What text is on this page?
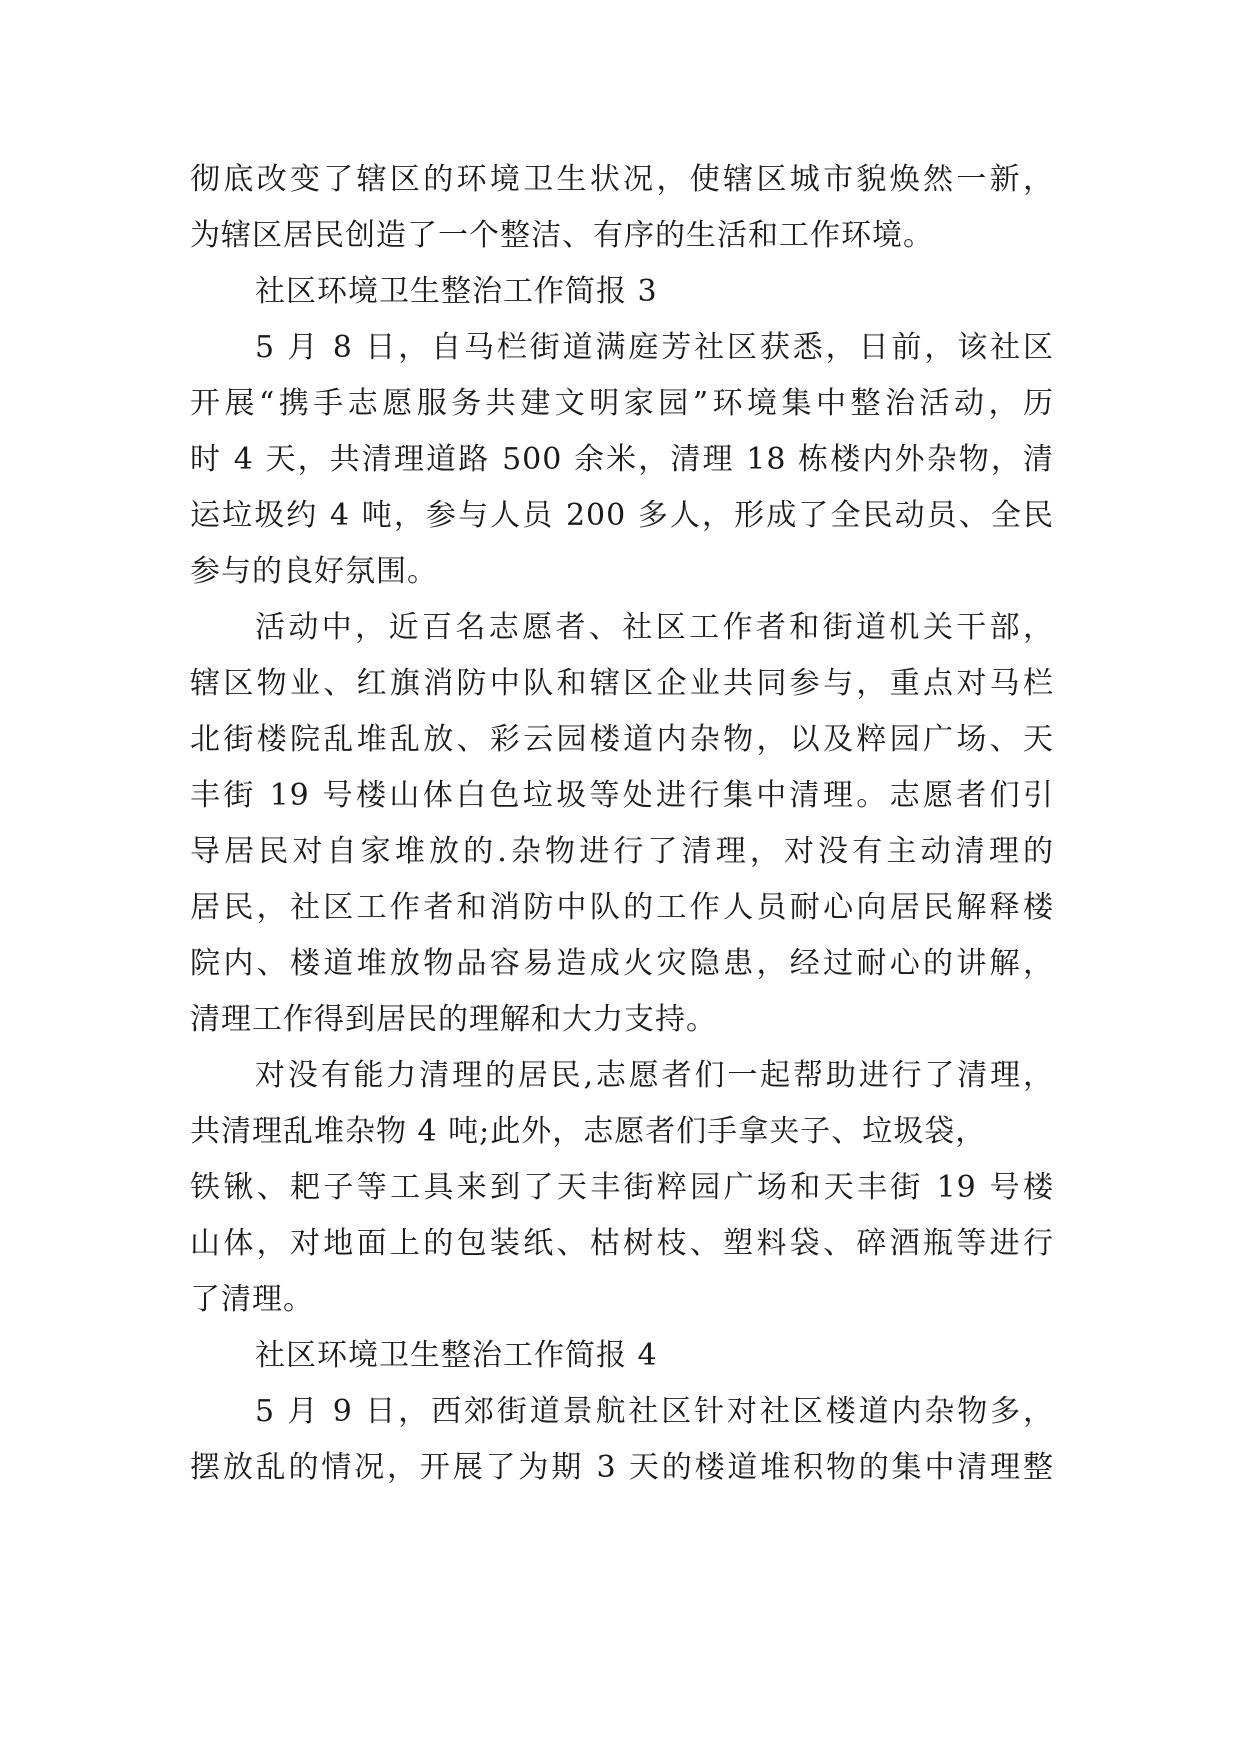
彻底改变了辖区的环境卫生状况，使辖区城市貌焕然一新，
为辖区居民创造了一个整洁、有序的生活和工作环境。
社区环境卫生整治工作简报 3
5 月 8 日，自马栏街道满庭芳社区获悉，日前，该社区
开展“携手志愿服务共建文明家园”环境集中整治活动，历
时 4 天，共清理道路 500 余米，清理 18 栋楼内外杂物，清
运垃圾约 4 吨，参与人员 200 多人，形成了全民动员、全民
参与的良好氛围。
活动中，近百名志愿者、社区工作者和街道机关干部，
辖区物业、红旗消防中队和辖区企业共同参与，重点对马栏
北街楼院乱堆乱放、彩云园楼道内杂物，以及粹园广场、天
丰街 19 号楼山体白色垃圾等处进行集中清理。志愿者们引
导居民对自家堆放的.杂物进行了清理，对没有主动清理的
居民，社区工作者和消防中队的工作人员耐心向居民解释楼
院内、楼道堆放物品容易造成火灾隐患，经过耐心的讲解，
清理工作得到居民的理解和大力支持。
对没有能力清理的居民,志愿者们一起帮助进行了清理，
共清理乱堆杂物 4 吨;此外，志愿者们手拿夹子、垃圾袋，
铁锹、耙子等工具来到了天丰街粹园广场和天丰街 19 号楼
山体，对地面上的包装纸、枯树枝、塑料袋、碎酒瓶等进行
了清理。
社区环境卫生整治工作简报 4
5 月 9 日，西郊街道景航社区针对社区楼道内杂物多，
摆放乱的情况，开展了为期 3 天的楼道堆积物的集中清理整
